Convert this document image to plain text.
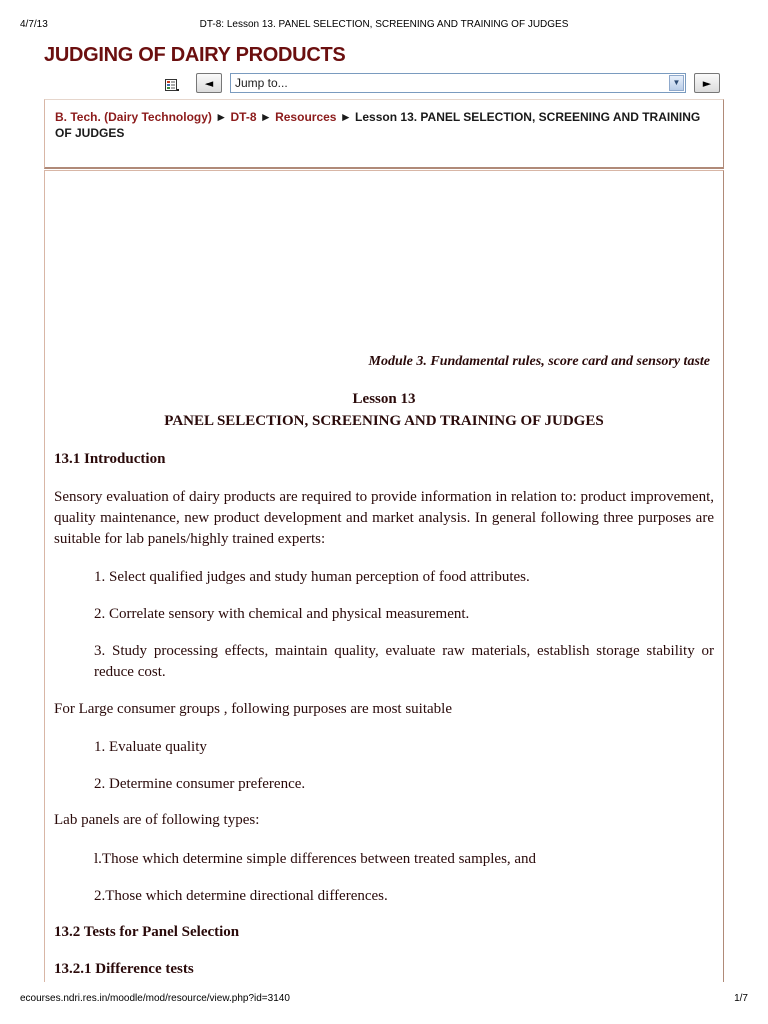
4/7/13	DT-8: Lesson 13. PANEL SELECTION, SCREENING AND TRAINING OF JUDGES
JUDGING OF DAIRY PRODUCTS
◄	Jump to...	▼	►
B. Tech. (Dairy Technology) ► DT-8 ► Resources ► Lesson 13. PANEL SELECTION, SCREENING AND TRAINING OF JUDGES
Module 3. Fundamental rules, score card and sensory taste
Lesson 13
PANEL SELECTION, SCREENING AND TRAINING OF JUDGES
13.1 Introduction
Sensory evaluation of dairy products are required to provide information in relation to: product improvement, quality maintenance, new product development and market analysis. In general following three purposes are suitable for lab panels/highly trained experts:
1. Select qualified judges and study human perception of food attributes.
2. Correlate sensory with chemical and physical measurement.
3. Study processing effects, maintain quality, evaluate raw materials, establish storage stability or reduce cost.
For Large consumer groups , following purposes are most suitable
1. Evaluate quality
2. Determine consumer preference.
Lab panels are of following types:
l.Those which determine simple differences between treated samples, and
2.Those which determine directional differences.
13.2 Tests for Panel Selection
13.2.1 Difference tests
ecourses.ndri.res.in/moodle/mod/resource/view.php?id=3140	1/7
